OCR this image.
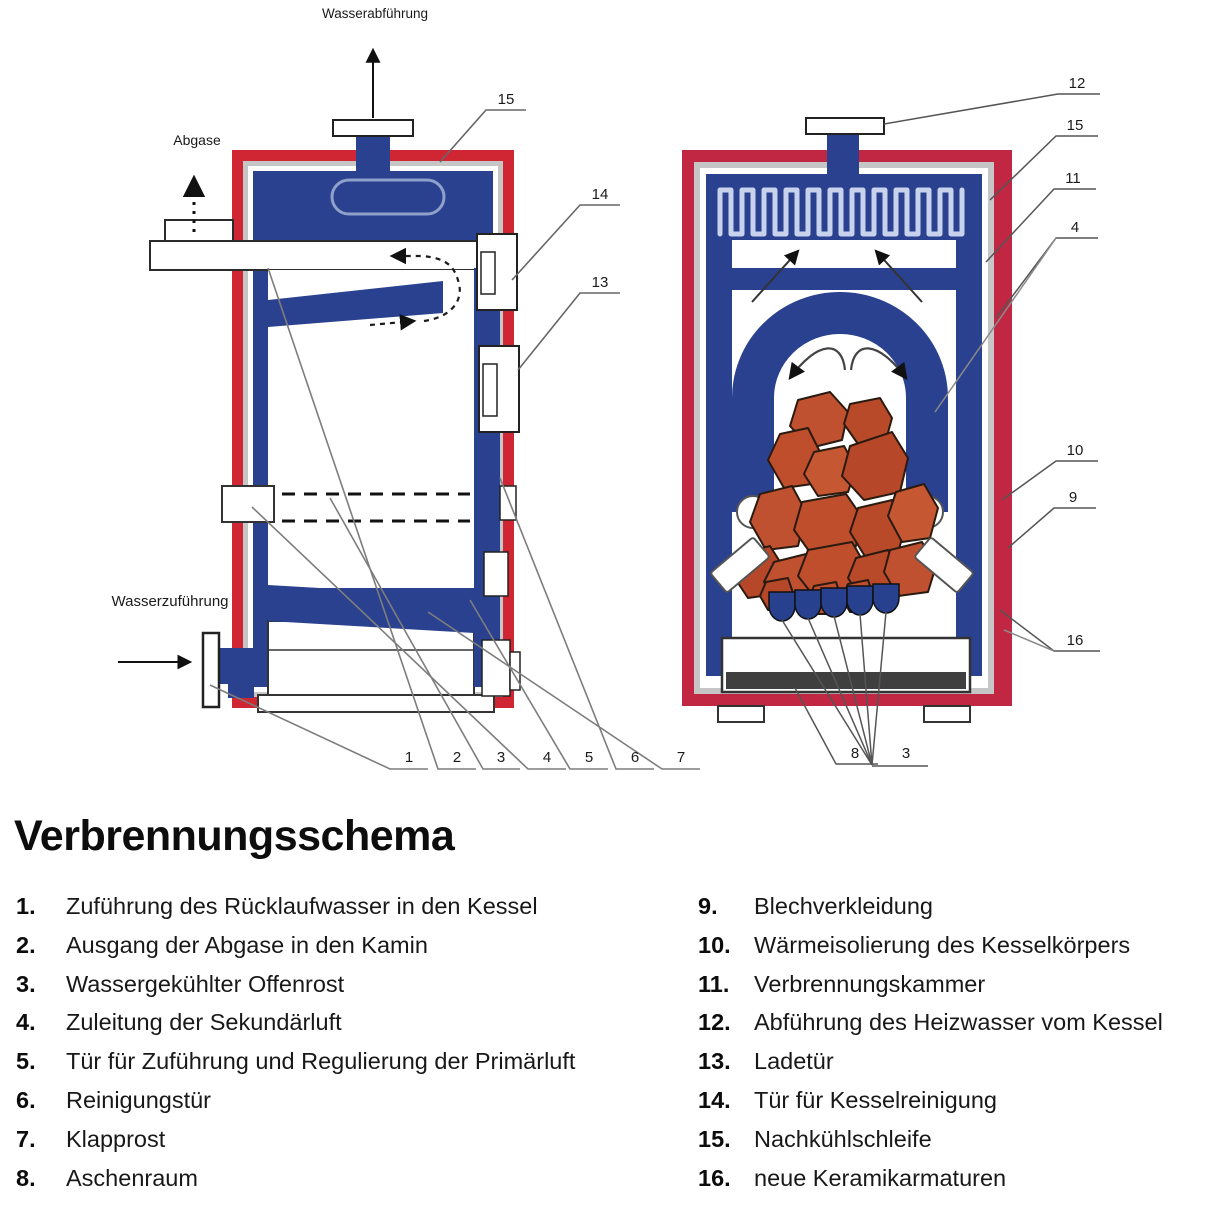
Wasserabführung
Abgase
Wasserzuführung
15
14
13
1	2 3	4 5	6	7
12
15
11
4
10
9
16
8	3
Verbrennungsschema
1.	Zuführung des Rücklaufwasser in den Kessel
2.	Ausgang der Abgase in den Kamin
3.	Wassergekühlter Offenrost
4.	Zuleitung der Sekundärluft
5.	Tür für Zuführung und Regulierung der Primärluft
6.	Reinigungstür
7.	Klapprost
8.	Aschenraum
9.	Blechverkleidung
10. Wärmeisolierung des Kesselkörpers
11.	Verbrennungskammer
12. Abführung des Heizwasser vom Kessel
13. Ladetür
14. Tür für Kesselreinigung
15. Nachkühlschleife
16. neue Keramikarmaturen
